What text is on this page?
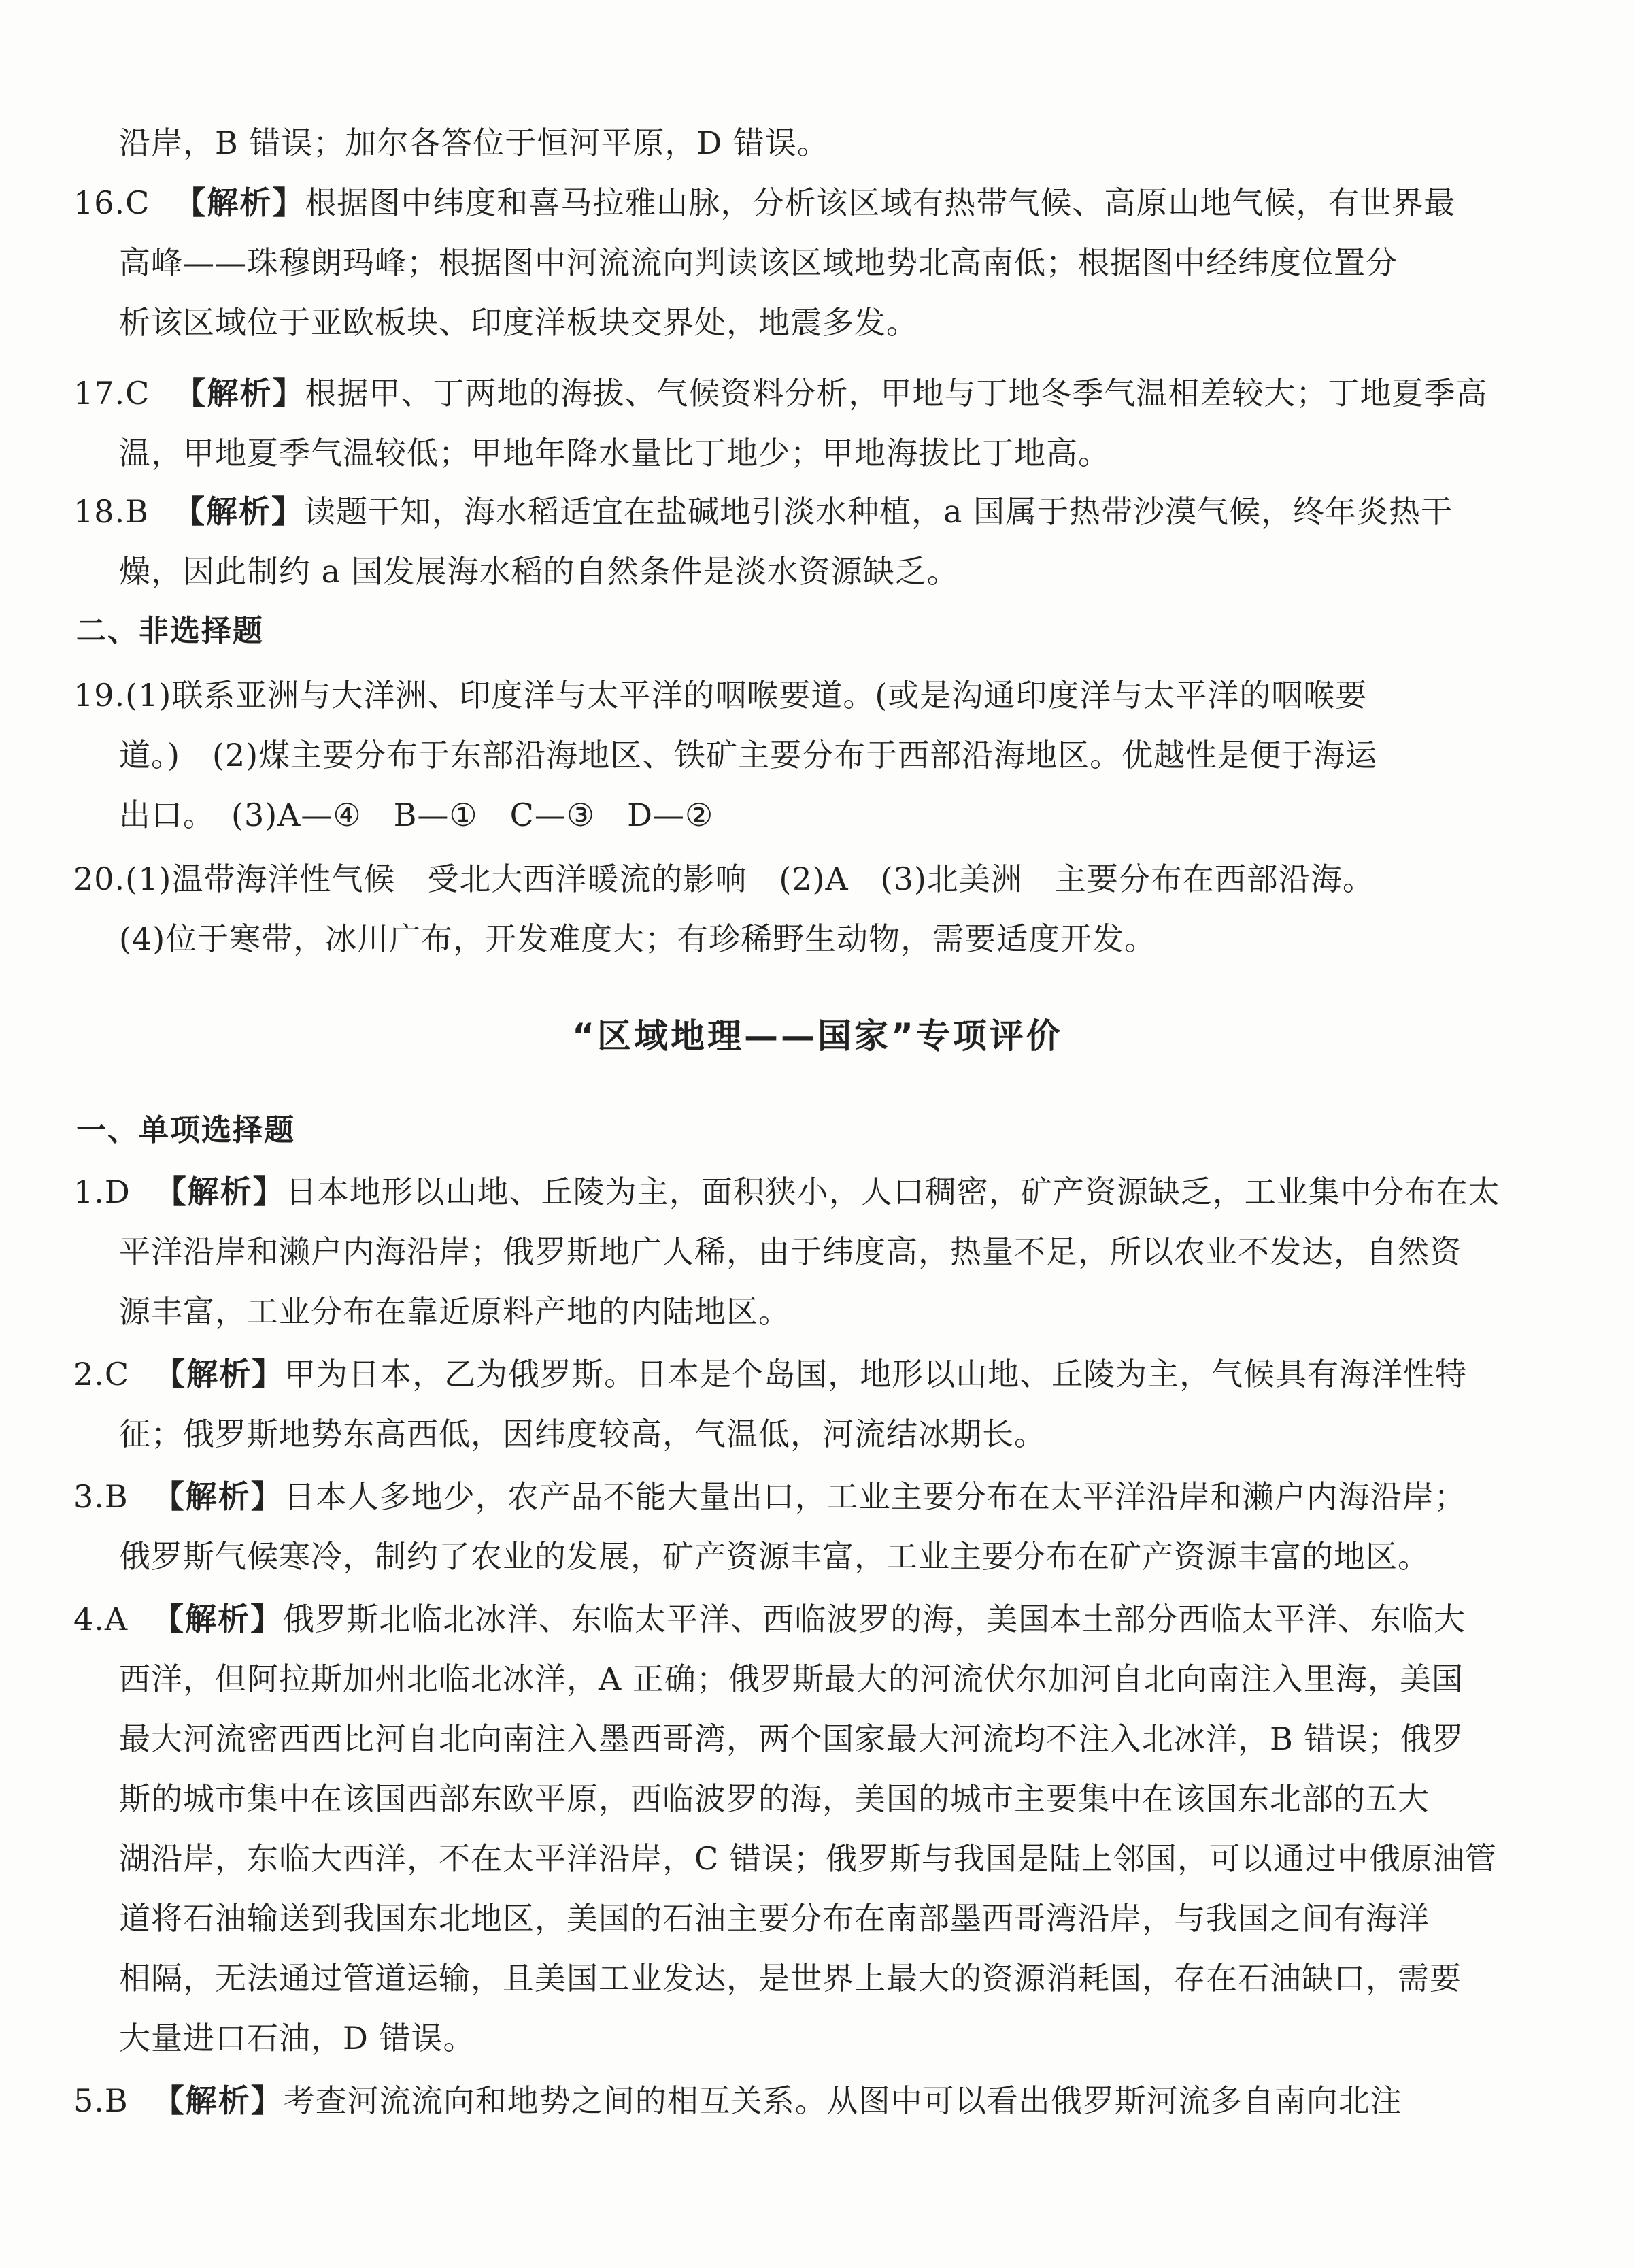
沿岸，B 错误；加尔各答位于恒河平原，D 错误。
16.C 【解析】根据图中纬度和喜马拉雅山脉，分析该区域有热带气候、高原山地气候，有世界最
高峰——珠穆朗玛峰；根据图中河流流向判读该区域地势北高南低；根据图中经纬度位置分
析该区域位于亚欧板块、印度洋板块交界处，地震多发。
17.C 【解析】根据甲、丁两地的海拔、气候资料分析，甲地与丁地冬季气温相差较大；丁地夏季高
温，甲地夏季气温较低；甲地年降水量比丁地少；甲地海拔比丁地高。
18.B 【解析】读题干知，海水稻适宜在盐碱地引淡水种植，a 国属于热带沙漠气候，终年炎热干
燥，因此制约 a 国发展海水稻的自然条件是淡水资源缺乏。
二、非选择题
19.(1)联系亚洲与大洋洲、印度洋与太平洋的咽喉要道。(或是沟通印度洋与太平洋的咽喉要
道。)　(2)煤主要分布于东部沿海地区、铁矿主要分布于西部沿海地区。优越性是便于海运
出口。　(3)A—④　B—①　C—③　D—②
20.(1)温带海洋性气候　受北大西洋暖流的影响　(2)A　(3)北美洲　主要分布在西部沿海。
(4)位于寒带，冰川广布，开发难度大；有珍稀野生动物，需要适度开发。
“区域地理——国家”专项评价
一、单项选择题
1.D 【解析】日本地形以山地、丘陵为主，面积狭小，人口稠密，矿产资源缺乏，工业集中分布在太
平洋沿岸和濑户内海沿岸；俄罗斯地广人稀，由于纬度高，热量不足，所以农业不发达，自然资
源丰富，工业分布在靠近原料产地的内陆地区。
2.C 【解析】甲为日本，乙为俄罗斯。日本是个岛国，地形以山地、丘陵为主，气候具有海洋性特
征；俄罗斯地势东高西低，因纬度较高，气温低，河流结冰期长。
3.B 【解析】日本人多地少，农产品不能大量出口，工业主要分布在太平洋沿岸和濑户内海沿岸；
俄罗斯气候寒冷，制约了农业的发展，矿产资源丰富，工业主要分布在矿产资源丰富的地区。
4.A 【解析】俄罗斯北临北冰洋、东临太平洋、西临波罗的海，美国本土部分西临太平洋、东临大
西洋，但阿拉斯加州北临北冰洋，A 正确；俄罗斯最大的河流伏尔加河自北向南注入里海，美国
最大河流密西西比河自北向南注入墨西哥湾，两个国家最大河流均不注入北冰洋，B 错误；俄罗
斯的城市集中在该国西部东欧平原，西临波罗的海，美国的城市主要集中在该国东北部的五大
湖沿岸，东临大西洋，不在太平洋沿岸，C 错误；俄罗斯与我国是陆上邻国，可以通过中俄原油管
道将石油输送到我国东北地区，美国的石油主要分布在南部墨西哥湾沿岸，与我国之间有海洋
相隔，无法通过管道运输，且美国工业发达，是世界上最大的资源消耗国，存在石油缺口，需要
大量进口石油，D 错误。
5.B 【解析】考查河流流向和地势之间的相互关系。从图中可以看出俄罗斯河流多自南向北注
